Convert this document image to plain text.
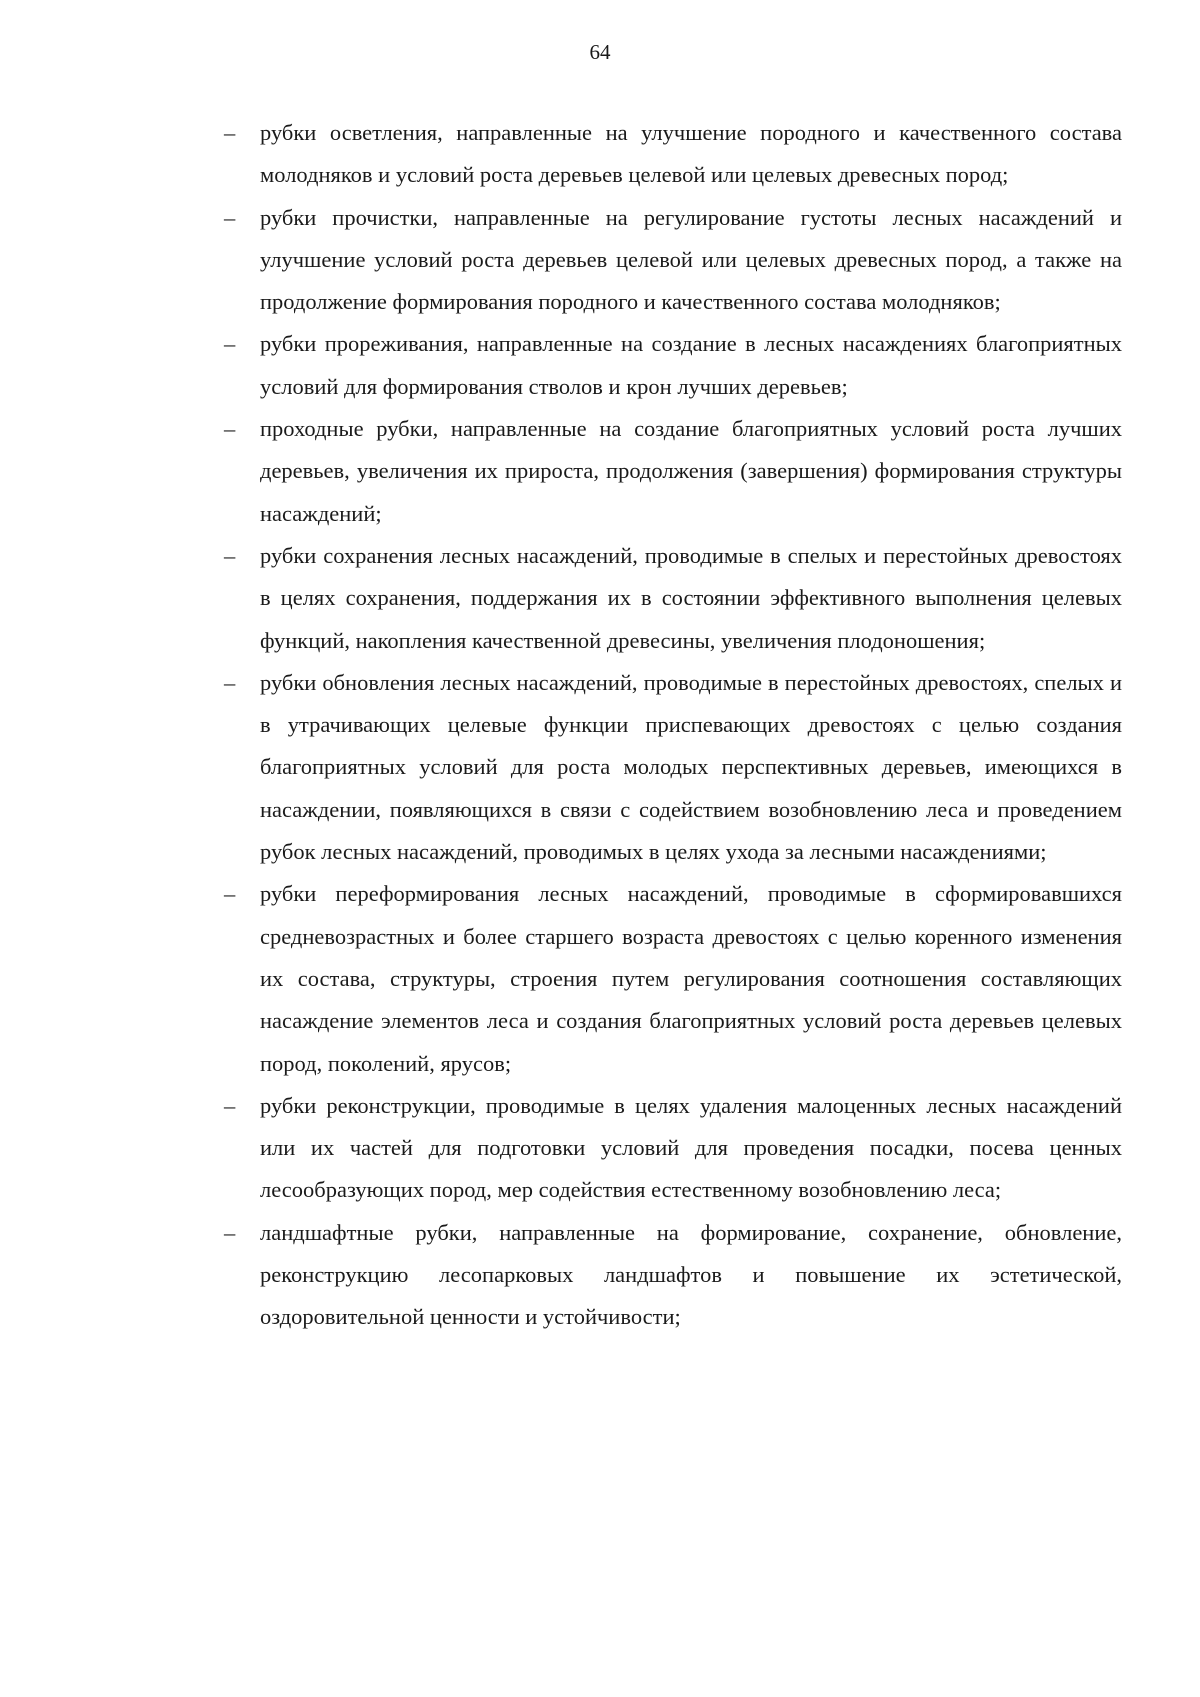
64
– рубки осветления, направленные на улучшение породного и качественного состава молодняков и условий роста деревьев целевой или целевых древесных пород;
– рубки прочистки, направленные на регулирование густоты лесных насаждений и улучшение условий роста деревьев целевой или целевых древесных пород, а также на продолжение формирования породного и качественного состава молодняков;
– рубки прореживания, направленные на создание в лесных насаждениях благоприятных условий для формирования стволов и крон лучших деревьев;
– проходные рубки, направленные на создание благоприятных условий роста лучших деревьев, увеличения их прироста, продолжения (завершения) формирования структуры насаждений;
– рубки сохранения лесных насаждений, проводимые в спелых и перестойных древостоях в целях сохранения, поддержания их в состоянии эффективного выполнения целевых функций, накопления качественной древесины, увеличения плодоношения;
– рубки обновления лесных насаждений, проводимые в перестойных древостоях, спелых и в утрачивающих целевые функции приспевающих древостоях с целью создания благоприятных условий для роста молодых перспективных деревьев, имеющихся в насаждении, появляющихся в связи с содействием возобновлению леса и проведением рубок лесных насаждений, проводимых в целях ухода за лесными насаждениями;
– рубки переформирования лесных насаждений, проводимые в сформировавшихся средневозрастных и более старшего возраста древостоях с целью коренного изменения их состава, структуры, строения путем регулирования соотношения составляющих насаждение элементов леса и создания благоприятных условий роста деревьев целевых пород, поколений, ярусов;
– рубки реконструкции, проводимые в целях удаления малоценных лесных насаждений или их частей для подготовки условий для проведения посадки, посева ценных лесообразующих пород, мер содействия естественному возобновлению леса;
– ландшафтные рубки, направленные на формирование, сохранение, обновление, реконструкцию лесопарковых ландшафтов и повышение их эстетической, оздоровительной ценности и устойчивости;
